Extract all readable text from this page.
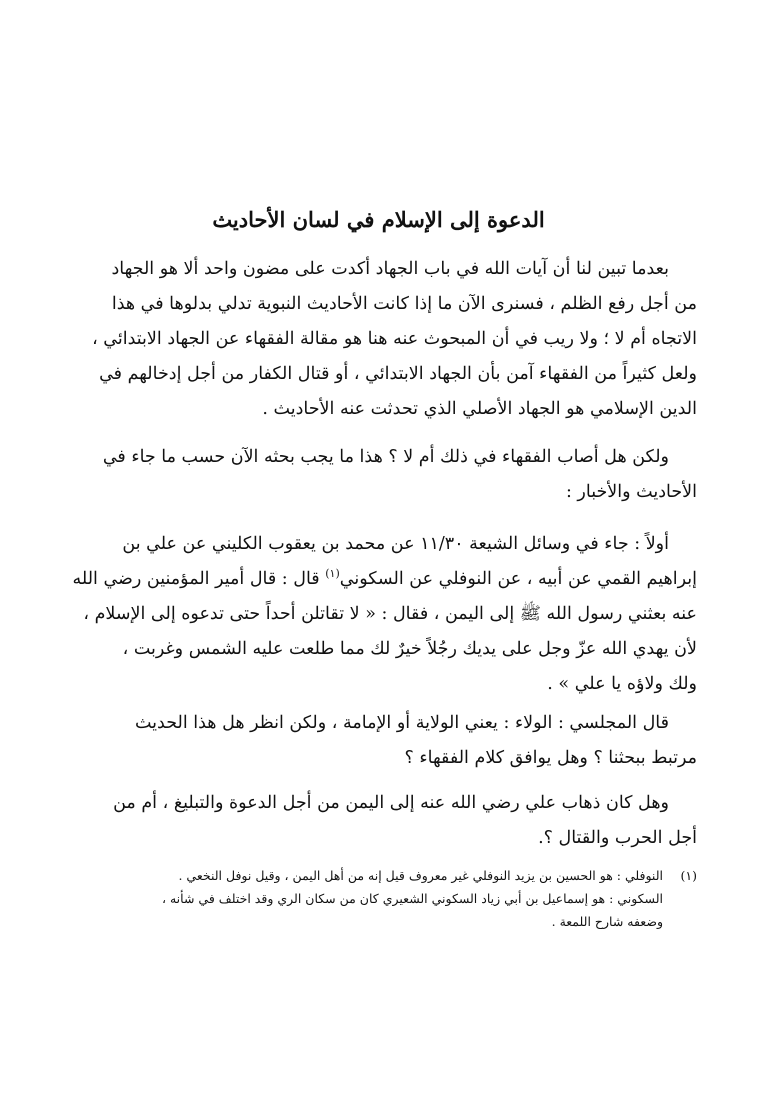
الدعوة إلى الإسلام في لسان الأحاديث
بعدما تبين لنا أن آيات الله في باب الجهاد أكدت على مضون واحد ألا هو الجهاد
من أجل رفع الظلم ، فسنرى الآن ما إذا كانت الأحاديث النبوية تدلي بدلوها في هذا
الاتجاه أم لا ؛ ولا ريب في أن المبحوث عنه هنا هو مقالة الفقهاء عن الجهاد الابتدائي ،
ولعل كثيراً من الفقهاء آمن بأن الجهاد الابتدائي ، أو قتال الكفار من أجل إدخالهم في
الدين الإسلامي هو الجهاد الأصلي الذي تحدثت عنه الأحاديث .
ولكن هل أصاب الفقهاء في ذلك أم لا ؟ هذا ما يجب بحثه الآن حسب ما جاء في
الأحاديث والأخبار :
أولاً : جاء في وسائل الشيعة ١١/٣٠ عن محمد بن يعقوب الكليني عن علي بن
إبراهيم القمي عن أبيه ، عن النوفلي عن السكوني$^{(١)}$ قال : قال أمير المؤمنين رضي الله
عنه بعثني رسول الله ﷺ إلى اليمن ، فقال : « لا تقاتلن أحداً حتى تدعوه إلى الإسلام ،
لأن يهدي الله عزّ وجل على يديك رجُلاً خيرٌ لك مما طلعت عليه الشمس وغربت ،
ولك ولاؤه يا علي » .
قال المجلسي : الولاء : يعني الولاية أو الإمامة ، ولكن انظر هل هذا الحديث
مرتبط ببحثنا ؟ وهل يوافق كلام الفقهاء ؟
وهل كان ذهاب علي رضي الله عنه إلى اليمن من أجل الدعوة والتبليغ ، أم من
أجل الحرب والقتال ؟.
(١)النوفلي : هو الحسين بن يزيد النوفلي غير معروف قيل إنه من أهل اليمن ، وقيل نوفل النخعي .
السكوني : هو إسماعيل بن أبي زياد السكوني الشعيري كان من سكان الري وقد اختلف في شأنه ،
وضعفه شارح اللمعة .
